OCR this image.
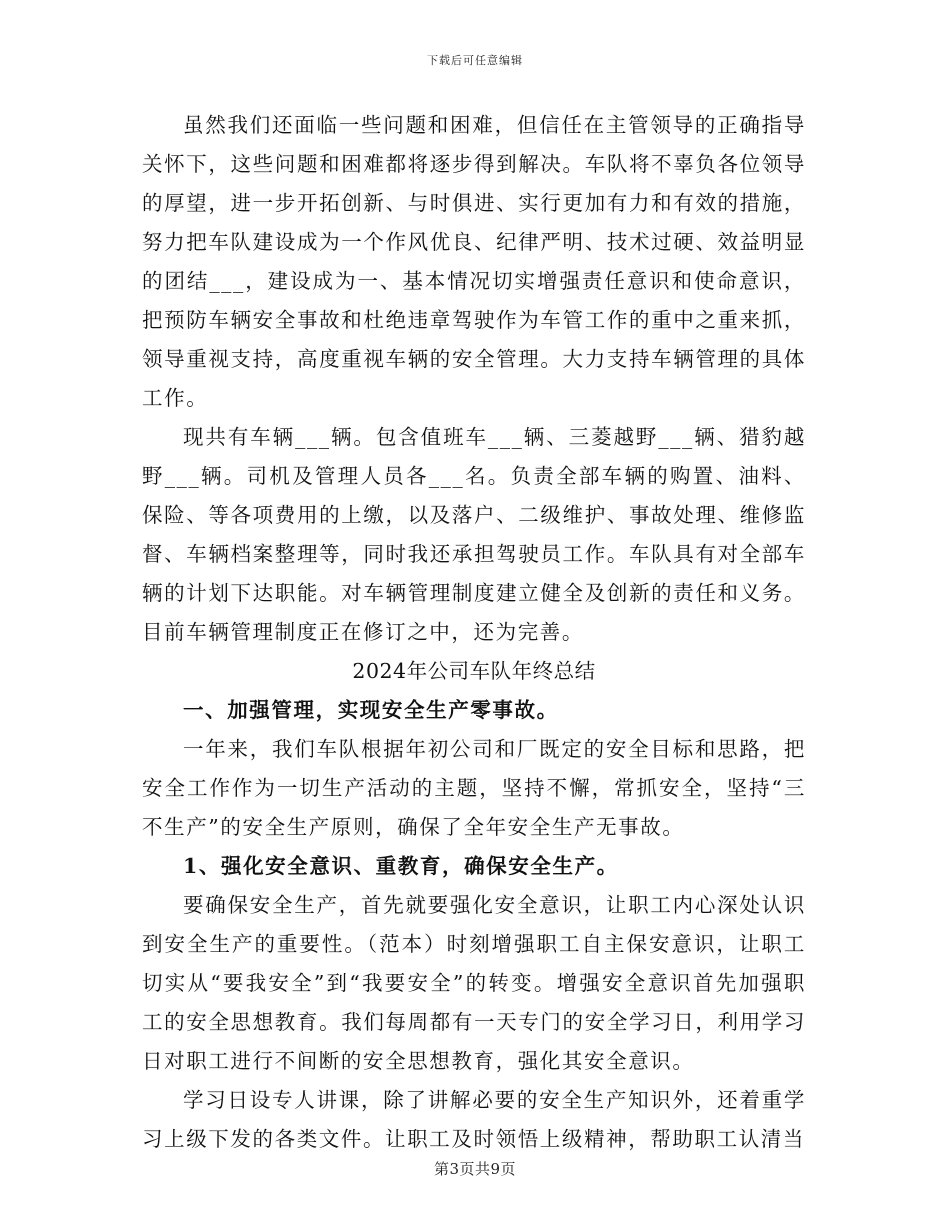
下载后可任意编辑

虽然我们还面临一些问题和困难，但信任在主管领导的正确指导关怀下，这些问题和困难都将逐步得到解决。车队将不辜负各位领导的厚望，进一步开拓创新、与时俱进、实行更加有力和有效的措施，努力把车队建设成为一个作风优良、纪律严明、技术过硬、效益明显的团结___，建设成为一、基本情况切实增强责任意识和使命意识，把预防车辆安全事故和杜绝违章驾驶作为车管工作的重中之重来抓，领导重视支持，高度重视车辆的安全管理。大力支持车辆管理的具体工作。

现共有车辆___辆。包含值班车___辆、三菱越野___辆、猎豹越野___辆。司机及管理人员各___名。负责全部车辆的购置、油料、保险、等各项费用的上缴，以及落户、二级维护、事故处理、维修监督、车辆档案整理等，同时我还承担驾驶员工作。车队具有对全部车辆的计划下达职能。对车辆管理制度建立健全及创新的责任和义务。目前车辆管理制度正在修订之中，还为完善。

2024年公司车队年终总结

一、加强管理，实现安全生产零事故。

一年来，我们车队根据年初公司和厂既定的安全目标和思路，把安全工作作为一切生产活动的主题，坚持不懈，常抓安全，坚持“三不生产”的安全生产原则，确保了全年安全生产无事故。

1、强化安全意识、重教育，确保安全生产。

要确保安全生产，首先就要强化安全意识，让职工内心深处认识到安全生产的重要性。（范本）时刻增强职工自主保安意识，让职工切实从“要我安全”到“我要安全”的转变。增强安全意识首先加强职工的安全思想教育。我们每周都有一天专门的安全学习日，利用学习日对职工进行不间断的安全思想教育，强化其安全意识。

学习日设专人讲课，除了讲解必要的安全生产知识外，还着重学习上级下发的各类文件。让职工及时领悟上级精神，帮助职工认清当

第3页共9页
